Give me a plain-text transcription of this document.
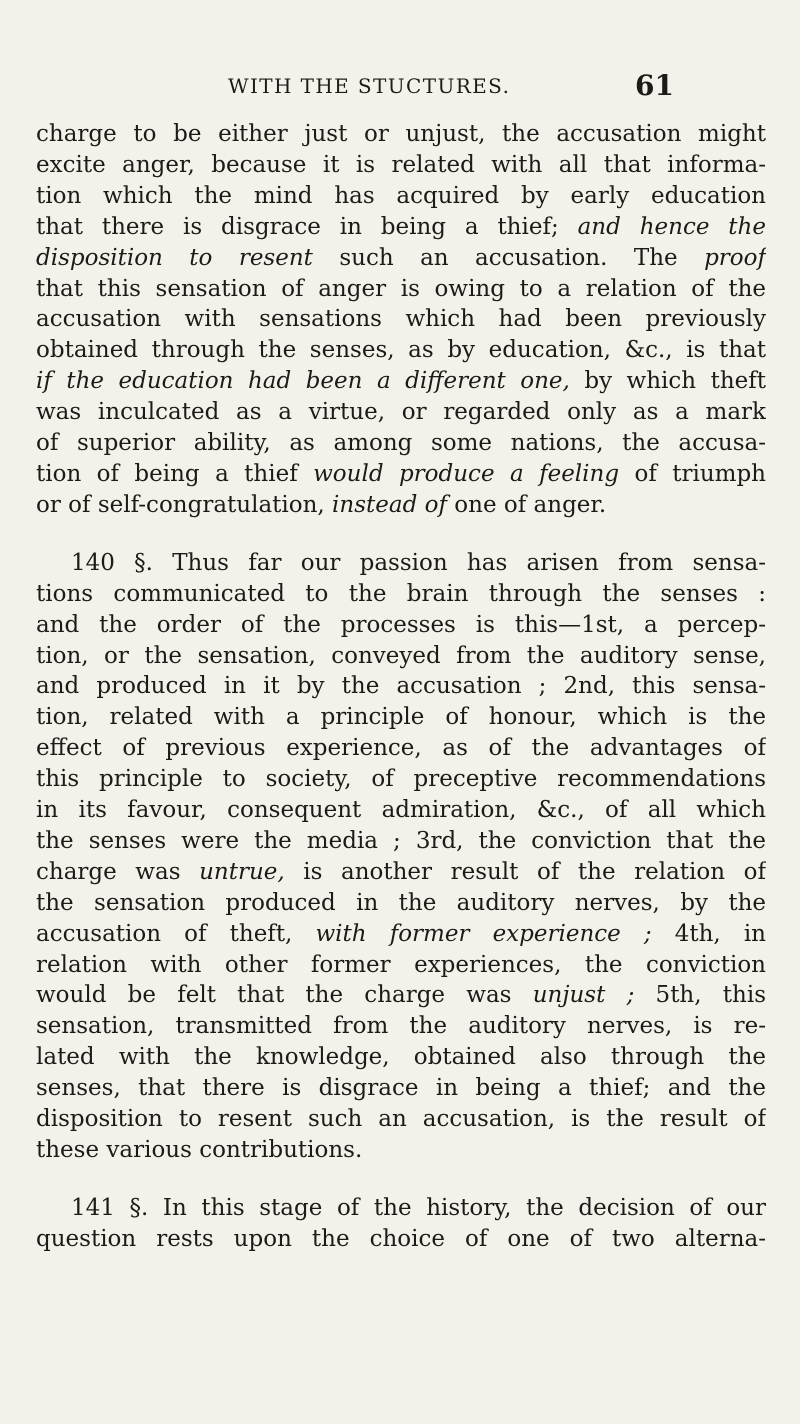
WITH THE STUCTURES.	61
charge to be either just or unjust, the accusation might
excite anger, because it is related with all that informa-
tion which the mind has acquired by early education
that there is disgrace in being a thief; and hence the
disposition to resent such an accusation. The proof
that this sensation of anger is owing to a relation of the
accusation with sensations which had been previously
obtained through the senses, as by education, &c., is that
if the education had been a different one, by which theft
was inculcated as a virtue, or regarded only as a mark
of superior ability, as among some nations, the accusa-
tion of being a thief would produce a feeling of triumph
or of self-congratulation, instead of one of anger.
140 §. Thus far our passion has arisen from sensa-
tions communicated to the brain through the senses :
and the order of the processes is this—1st, a percep-
tion, or the sensation, conveyed from the auditory sense,
and produced in it by the accusation ; 2nd, this sensa-
tion, related with a principle of honour, which is the
effect of previous experience, as of the advantages of
this principle to society, of preceptive recommendations
in its favour, consequent admiration, &c., of all which
the senses were the media ; 3rd, the conviction that the
charge was untrue, is another result of the relation of
the sensation produced in the auditory nerves, by the
accusation of theft, with former experience ; 4th, in
relation with other former experiences, the conviction
would be felt that the charge was unjust ; 5th, this
sensation, transmitted from the auditory nerves, is re-
lated with the knowledge, obtained also through the
senses, that there is disgrace in being a thief; and the
disposition to resent such an accusation, is the result of
these various contributions.
141 §. In this stage of the history, the decision of our
question rests upon the choice of one of two alterna-
